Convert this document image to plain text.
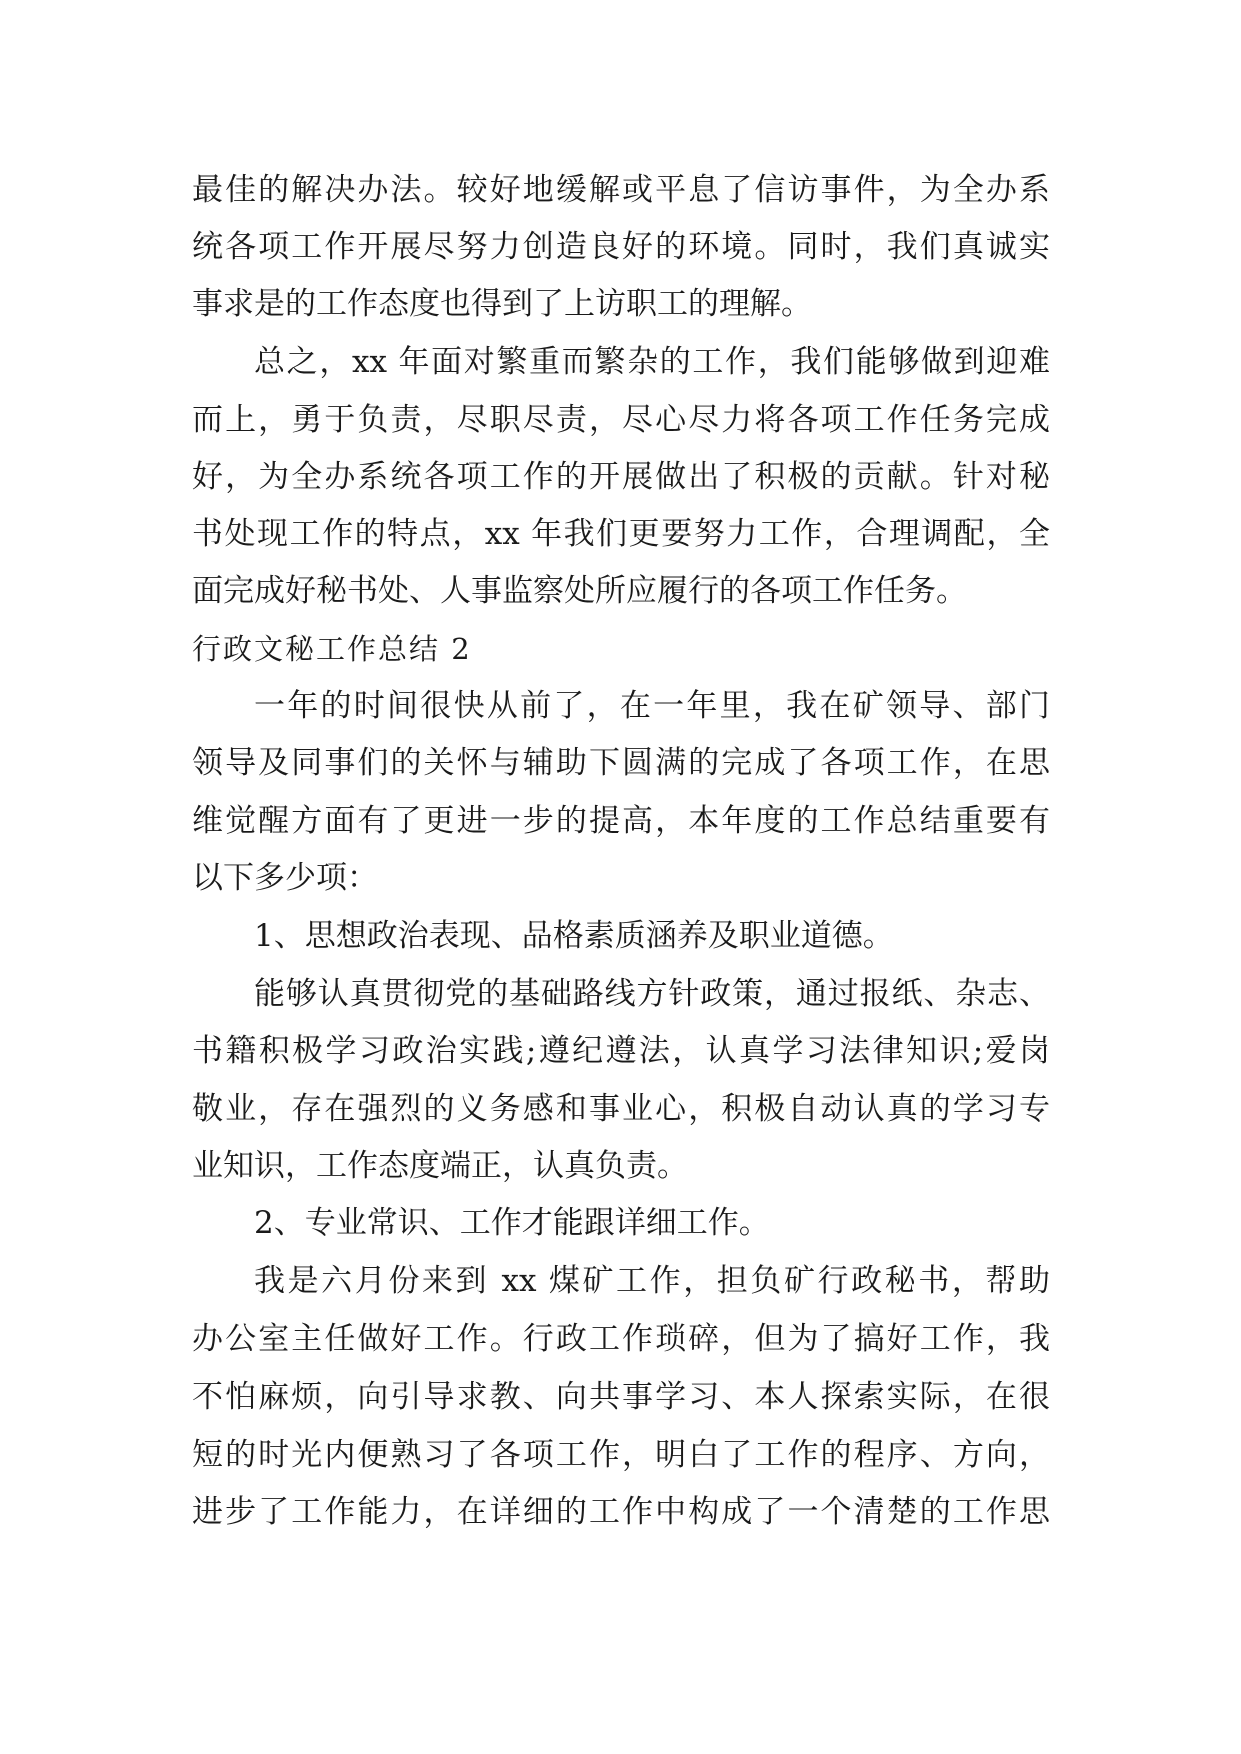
最佳的解决办法。较好地缓解或平息了信访事件，为全办系
统各项工作开展尽努力创造良好的环境。同时，我们真诚实
事求是的工作态度也得到了上访职工的理解。
总之，xx 年面对繁重而繁杂的工作，我们能够做到迎难
而上，勇于负责，尽职尽责，尽心尽力将各项工作任务完成
好，为全办系统各项工作的开展做出了积极的贡献。针对秘
书处现工作的特点，xx 年我们更要努力工作，合理调配，全
面完成好秘书处、人事监察处所应履行的各项工作任务。
行政文秘工作总结 2
一年的时间很快从前了，在一年里，我在矿领导、部门
领导及同事们的关怀与辅助下圆满的完成了各项工作，在思
维觉醒方面有了更进一步的提高，本年度的工作总结重要有
以下多少项：
1、思想政治表现、品格素质涵养及职业道德。
能够认真贯彻党的基础路线方针政策，通过报纸、杂志、
书籍积极学习政治实践;遵纪遵法，认真学习法律知识;爱岗
敬业，存在强烈的义务感和事业心，积极自动认真的学习专
业知识，工作态度端正，认真负责。
2、专业常识、工作才能跟详细工作。
我是六月份来到 xx 煤矿工作，担负矿行政秘书，帮助
办公室主任做好工作。行政工作琐碎，但为了搞好工作，我
不怕麻烦，向引导求教、向共事学习、本人探索实际，在很
短的时光内便熟习了各项工作，明白了工作的程序、方向，
进步了工作能力，在详细的工作中构成了一个清楚的工作思
